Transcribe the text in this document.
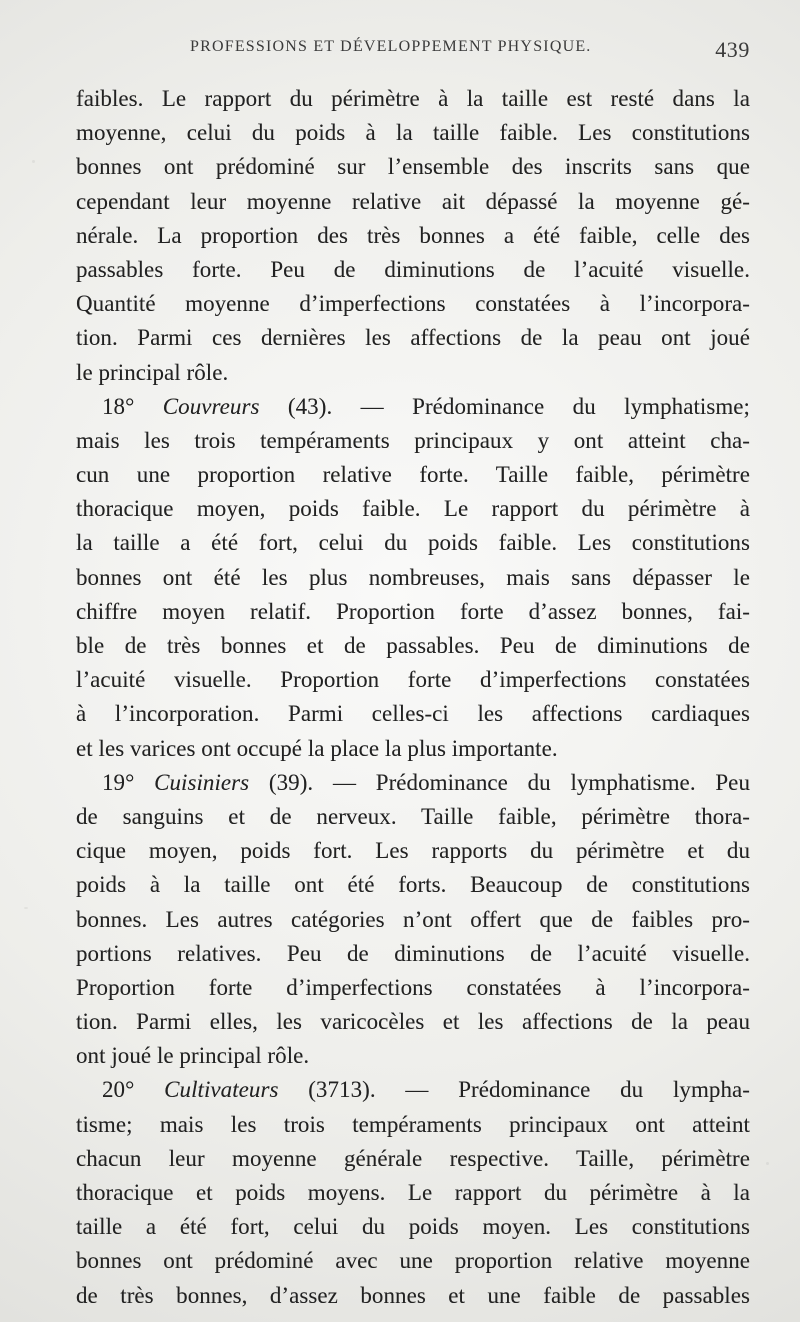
PROFESSIONS ET DÉVELOPPEMENT PHYSIQUE.	439
faibles. Le rapport du périmètre à la taille est resté dans la
moyenne, celui du poids à la taille faible. Les constitutions
bonnes ont prédominé sur l’ensemble des inscrits sans que
cependant leur moyenne relative ait dépassé la moyenne gé-
nérale. La proportion des très bonnes a été faible, celle des
passables forte. Peu de diminutions de l’acuité visuelle.
Quantité moyenne d’imperfections constatées à l’incorpora-
tion. Parmi ces dernières les affections de la peau ont joué
le principal rôle.
18° Couvreurs (43). — Prédominance du lymphatisme;
mais les trois tempéraments principaux y ont atteint cha-
cun une proportion relative forte. Taille faible, périmètre
thoracique moyen, poids faible. Le rapport du périmètre à
la taille a été fort, celui du poids faible. Les constitutions
bonnes ont été les plus nombreuses, mais sans dépasser le
chiffre moyen relatif. Proportion forte d’assez bonnes, fai-
ble de très bonnes et de passables. Peu de diminutions de
l’acuité visuelle. Proportion forte d’imperfections constatées
à l’incorporation. Parmi celles-ci les affections cardiaques
et les varices ont occupé la place la plus importante.
19° Cuisiniers (39). — Prédominance du lymphatisme. Peu
de sanguins et de nerveux. Taille faible, périmètre thora-
cique moyen, poids fort. Les rapports du périmètre et du
poids à la taille ont été forts. Beaucoup de constitutions
bonnes. Les autres catégories n’ont offert que de faibles pro-
portions relatives. Peu de diminutions de l’acuité visuelle.
Proportion forte d’imperfections constatées à l’incorpora-
tion. Parmi elles, les varicocèles et les affections de la peau
ont joué le principal rôle.
20° Cultivateurs (3713). — Prédominance du lympha-
tisme; mais les trois tempéraments principaux ont atteint
chacun leur moyenne générale respective. Taille, périmètre
thoracique et poids moyens. Le rapport du périmètre à la
taille a été fort, celui du poids moyen. Les constitutions
bonnes ont prédominé avec une proportion relative moyenne
de très bonnes, d’assez bonnes et une faible de passables
